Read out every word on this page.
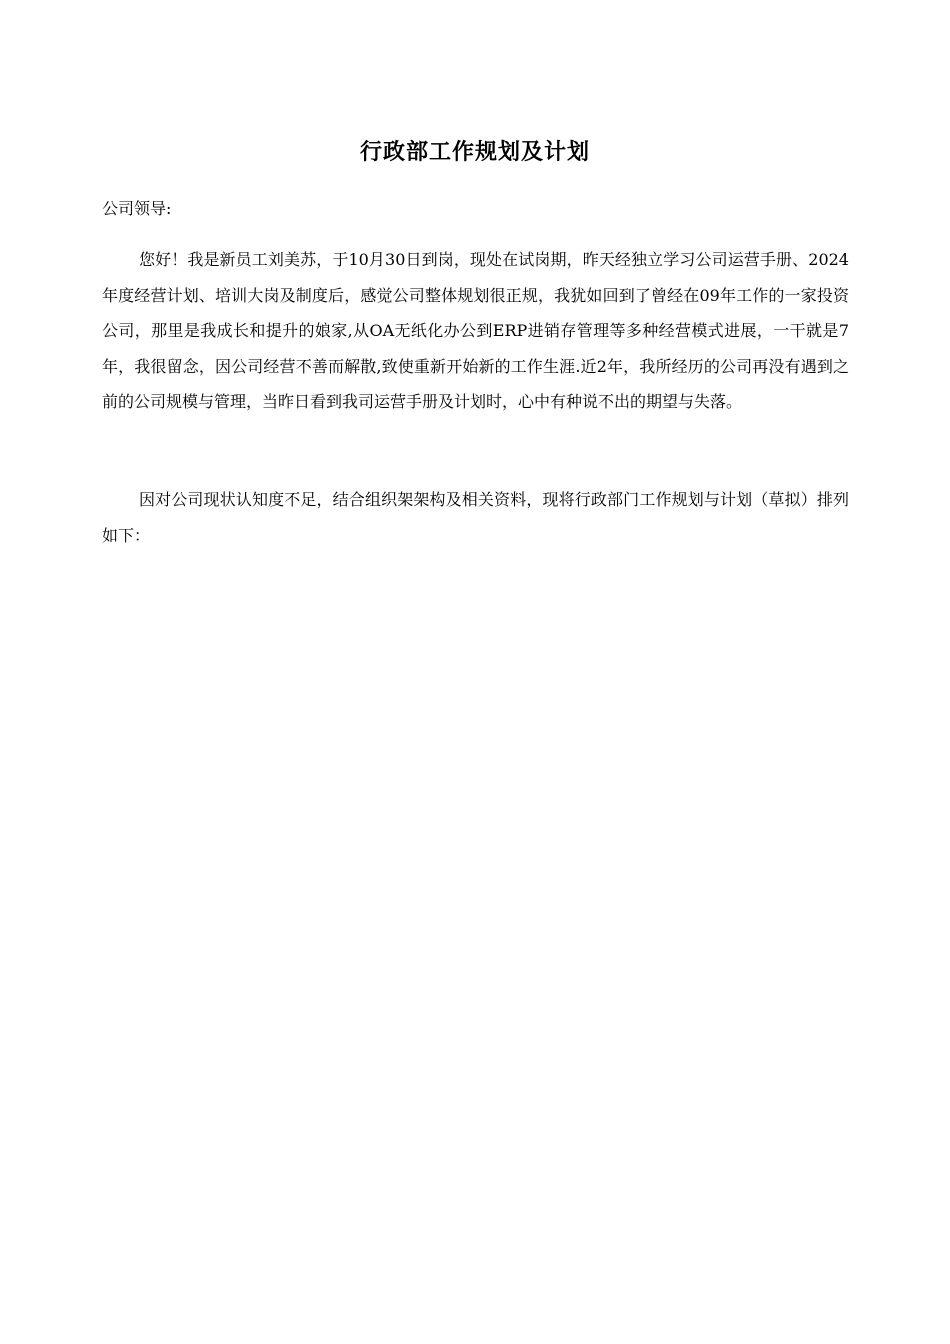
行政部工作规划及计划
公司领导:

您好！我是新员工刘美苏，于10月30日到岗，现处在试岗期，昨天经独立学习公司运营手册、2024年度经营计划、培训大岗及制度后，感觉公司整体规划很正规，我犹如回到了曾经在09年工作的一家投资公司，那里是我成长和提升的娘家,从OA无纸化办公到ERP进销存管理等多种经营模式进展，一干就是7年，我很留念，因公司经营不善而解散,致使重新开始新的工作生涯.近2年，我所经历的公司再没有遇到之前的公司规模与管理，当昨日看到我司运营手册及计划时，心中有种说不出的期望与失落。

因对公司现状认知度不足，结合组织架架构及相关资料，现将行政部门工作规划与计划（草拟）排列如下：
